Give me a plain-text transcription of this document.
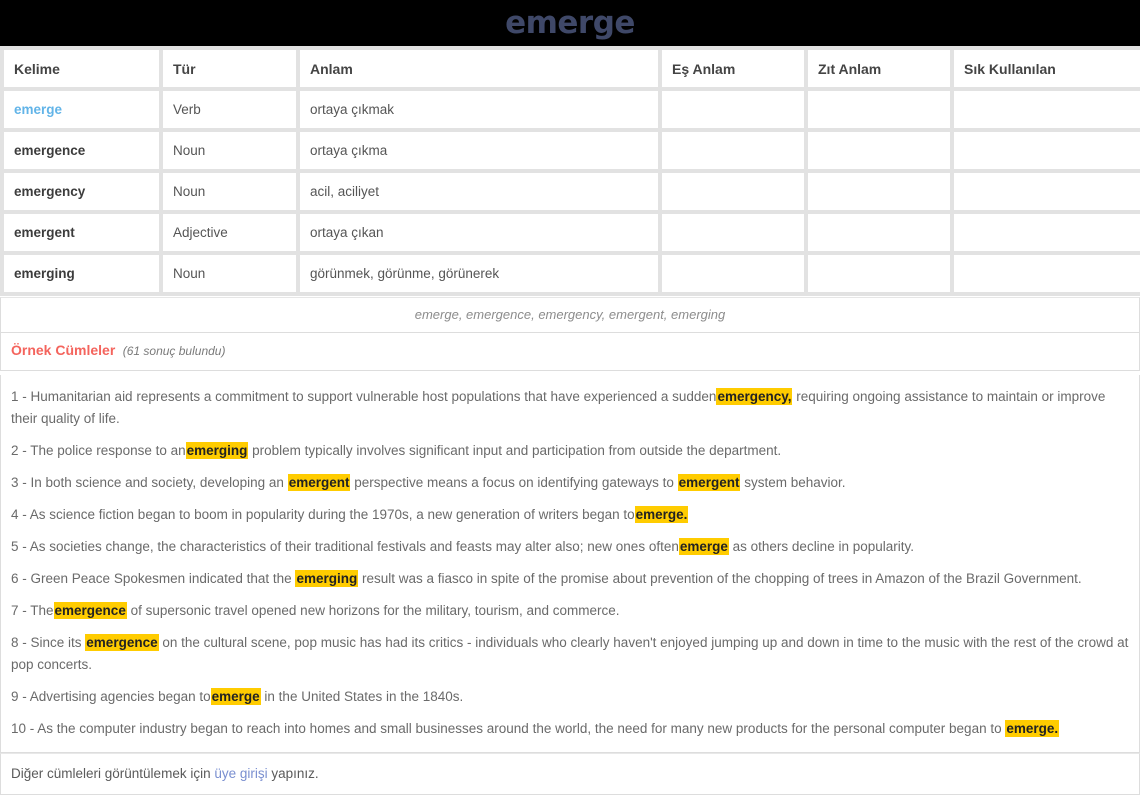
emerge
Kelime	Tür	Anlam	Eş Anlam	Zıt Anlam	Sık Kullanılan
emerge	Verb	ortaya çıkmak			
emergence	Noun	ortaya çıkma			
emergency	Noun	acil, aciliyet			
emergent	Adjective	ortaya çıkan			
emerging	Noun	görünmek, görünme, görünerek			
emerge, emergence, emergency, emergent, emerging
Örnek Cümleler (61 sonuç bulundu)

1 - Humanitarian aid represents a commitment to support vulnerable host populations that have experienced a suddenemergency, requiring ongoing assistance to maintain or improve their quality of life.

2 - The police response to anemerging problem typically involves significant input and participation from outside the department.

3 - In both science and society, developing an emergent perspective means a focus on identifying gateways to emergent system behavior.

4 - As science fiction began to boom in popularity during the 1970s, a new generation of writers began toemerge.

5 - As societies change, the characteristics of their traditional festivals and feasts may alter also; new ones oftenemerge as others decline in popularity.

6 - Green Peace Spokesmen indicated that the emerging result was a fiasco in spite of the promise about prevention of the chopping of trees in Amazon of the Brazil Government.

7 - Theemergence of supersonic travel opened new horizons for the military, tourism, and commerce.

8 - Since its emergence on the cultural scene, pop music has had its critics - individuals who clearly haven't enjoyed jumping up and down in time to the music with the rest of the crowd at pop concerts.

9 - Advertising agencies began toemerge in the United States in the 1840s.

10 - As the computer industry began to reach into homes and small businesses around the world, the need for many new products for the personal computer began to emerge.

Diğer cümleleri görüntülemek için üye girişi yapınız.
